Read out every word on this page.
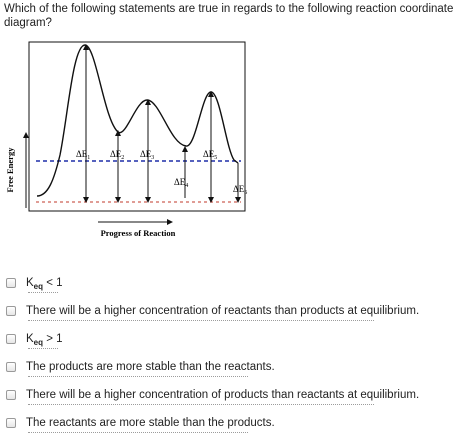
Which of the following statements are true in regards to the following reaction coordinate diagram?
$\Delta E_1$ $\Delta E_2$ $\Delta E_3$
$\Delta E_4$
$\Delta E_5$
$\Delta E_6$
Free Energy
Progress of Reaction
$K_{eq} < 1$
There will be a higher concentration of reactants than products at equilibrium.
$K_{eq} > 1$
The products are more stable than the reactants.
There will be a higher concentration of products than reactants at equilibrium.
The reactants are more stable than the products.
